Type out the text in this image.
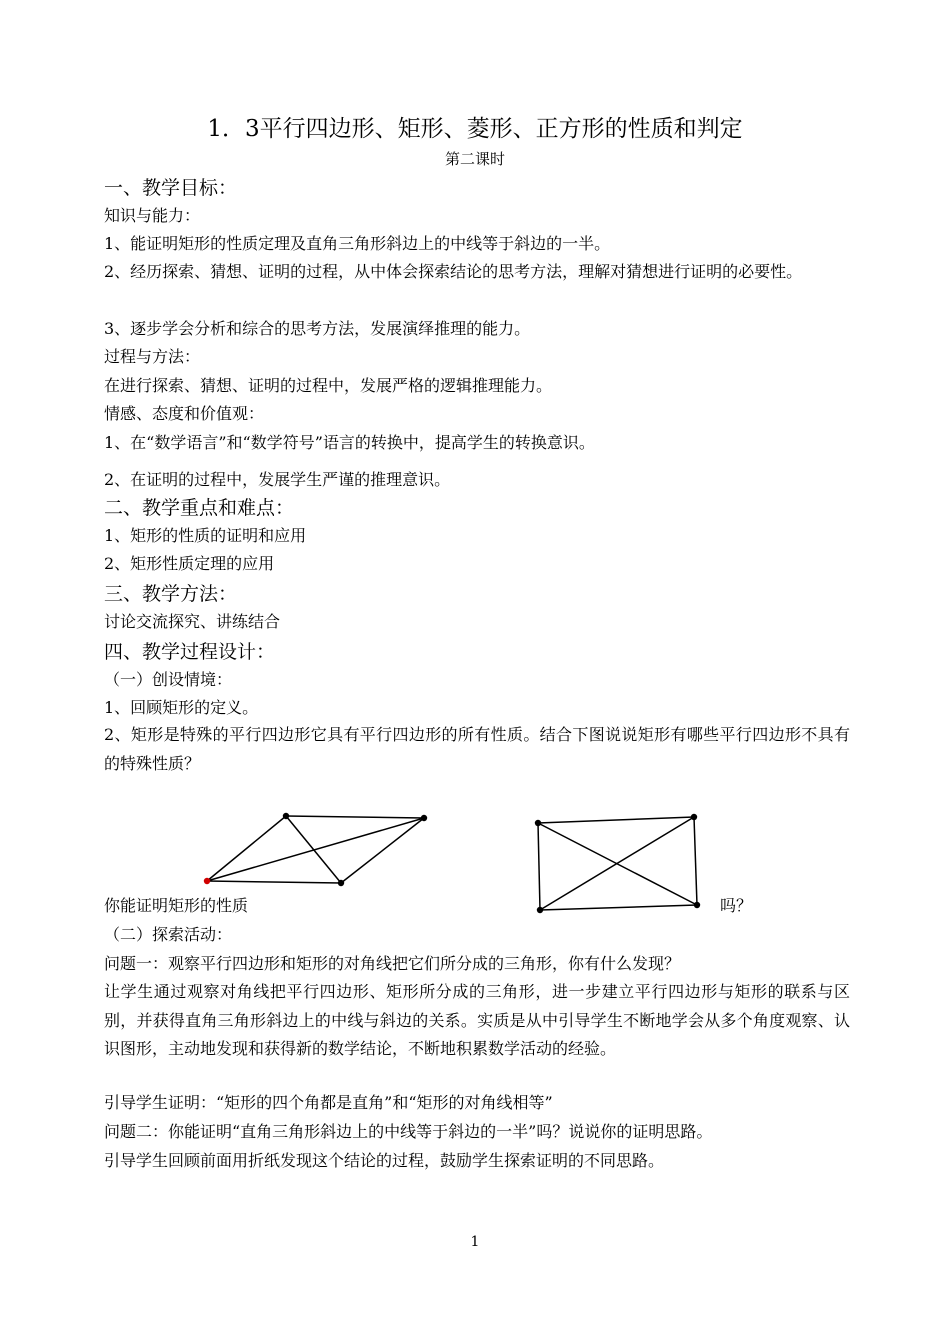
1．3平行四边形、矩形、菱形、正方形的性质和判定
第二课时
一、教学目标：
知识与能力：
1、能证明矩形的性质定理及直角三角形斜边上的中线等于斜边的一半。
2、经历探索、猜想、证明的过程，从中体会探索结论的思考方法，理解对猜想进行证明的必要性。
3、逐步学会分析和综合的思考方法，发展演绎推理的能力。
过程与方法：
在进行探索、猜想、证明的过程中，发展严格的逻辑推理能力。
情感、态度和价值观：
1、在“数学语言”和“数学符号”语言的转换中，提高学生的转换意识。
2、在证明的过程中，发展学生严谨的推理意识。
二、教学重点和难点：
1、矩形的性质的证明和应用
2、矩形性质定理的应用
三、教学方法：
讨论交流探究、讲练结合
四、教学过程设计：
（一）创设情境：
1、回顾矩形的定义。
2、矩形是特殊的平行四边形它具有平行四边形的所有性质。结合下图说说矩形有哪些平行四边形不具有的特殊性质？
你能证明矩形的性质	吗？
（二）探索活动：
问题一：观察平行四边形和矩形的对角线把它们所分成的三角形，你有什么发现？
让学生通过观察对角线把平行四边形、矩形所分成的三角形，进一步建立平行四边形与矩形的联系与区别，并获得直角三角形斜边上的中线与斜边的关系。实质是从中引导学生不断地学会从多个角度观察、认识图形，主动地发现和获得新的数学结论，不断地积累数学活动的经验。
引导学生证明：“矩形的四个角都是直角”和“矩形的对角线相等”
问题二：你能证明“直角三角形斜边上的中线等于斜边的一半”吗？说说你的证明思路。
引导学生回顾前面用折纸发现这个结论的过程，鼓励学生探索证明的不同思路。
1
